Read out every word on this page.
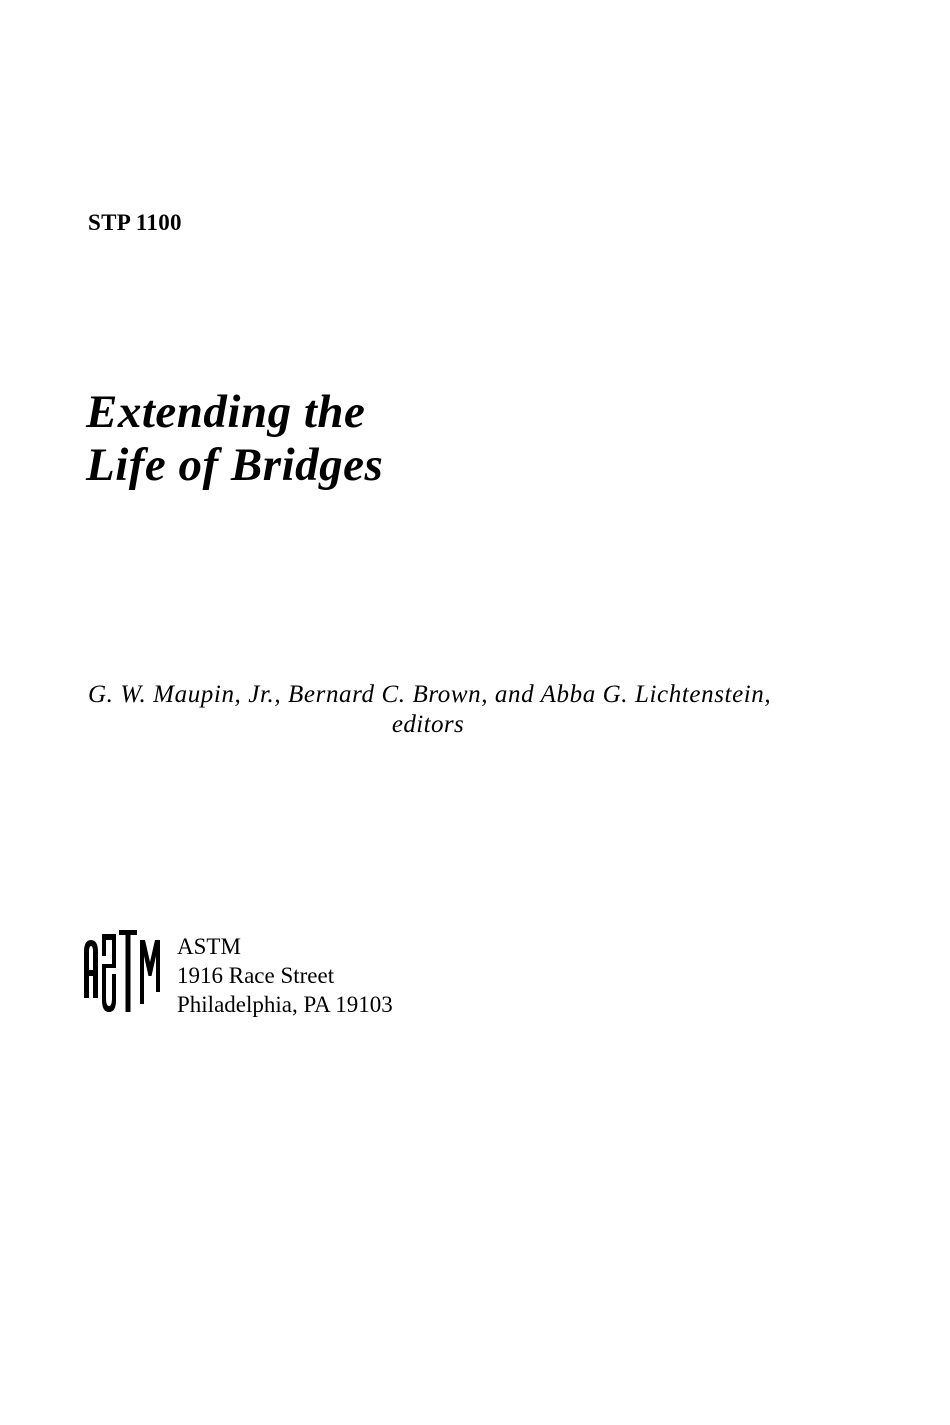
STP 1100
Extending the
Life of Bridges
G. W. Maupin, Jr., Bernard C. Brown, and Abba G. Lichtenstein,
editors
ASTM
1916 Race Street
Philadelphia, PA 19103
